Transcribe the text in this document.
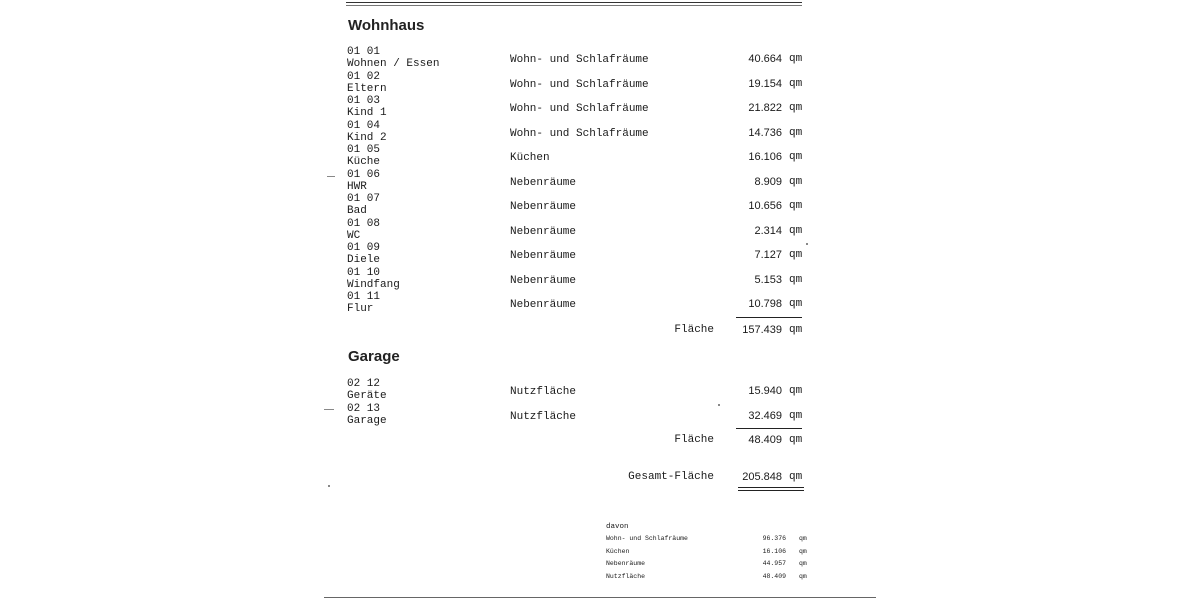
Wohnhaus
01 01
Wohnen / Essen	Wohn- und Schlafräume	40.664 qm
01 02
Eltern	Wohn- und Schlafräume	19.154 qm
01 03
Kind 1	Wohn- und Schlafräume	21.822 qm
01 04
Kind 2	Wohn- und Schlafräume	14.736 qm
01 05
Küche	Küchen	16.106 qm
01 06
HWR	Nebenräume	8.909 qm
01 07
Bad	Nebenräume	10.656 qm
01 08
WC	Nebenräume	2.314 qm
01 09
Diele	Nebenräume	7.127 qm
01 10
Windfang	Nebenräume	5.153 qm
01 11
Flur	Nebenräume	10.798 qm
Fläche	157.439 qm
Garage
02 12
Geräte	Nutzfläche	15.940 qm
02 13
Garage	Nutzfläche	32.469 qm
Fläche	48.409 qm
Gesamt-Fläche	205.848 qm
davon
Wohn- und Schlafräume	96.376 qm
Küchen	16.106 qm
Nebenräume	44.957 qm
Nutzfläche	48.409 qm
